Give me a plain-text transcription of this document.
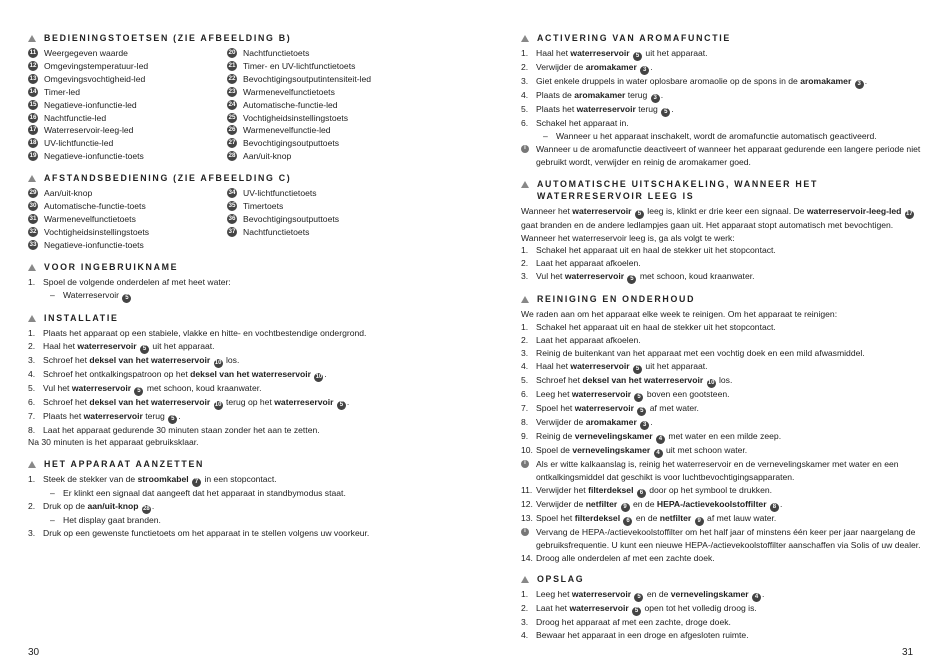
BEDIENINGSTOETSEN (ZIE AFBEELDING B)
11 Weergegeven waarde
12 Omgevingstemperatuur-led
13 Omgevingsvochtigheid-led
14 Timer-led
15 Negatieve-ionfunctie-led
16 Nachtfunctie-led
17 Waterreservoir-leeg-led
18 UV-lichtfunctie-led
19 Negatieve-ionfunctie-toets
20 Nachtfunctietoets
21 Timer- en UV-lichtfunctietoets
22 Bevochtigingsoutputintensiteit-led
23 Warmenevelfunctietoets
24 Automatische-functie-led
25 Vochtigheidsinstellingstoets
26 Warmenevelfunctie-led
27 Bevochtigingsoutputtoets
28 Aan/uit-knop
AFSTANDSBEDIENING (ZIE AFBEELDING C)
29 Aan/uit-knop
30 Automatische-functie-toets
31 Warmenevelfunctietoets
32 Vochtigheidsinstellingstoets
33 Negatieve-ionfunctie-toets
34 UV-lichtfunctietoets
35 Timertoets
36 Bevochtigingsoutputtoets
37 Nachtfunctietoets
VOOR INGEBRUIKNAME
1. Spoel de volgende onderdelen af met heet water:
– Waterreservoir 5
INSTALLATIE
1. Plaats het apparaat op een stabiele, vlakke en hitte- en vochtbestendige ondergrond.
2. Haal het waterreservoir 5 uit het apparaat.
3. Schroef het deksel van het waterreservoir 10 los.
4. Schroef het ontkalkingspatroon op het deksel van het waterreservoir 10 .
5. Vul het waterreservoir 5 met schoon, koud kraanwater.
6. Schroef het deksel van het waterreservoir 10 terug op het waterreservoir 5 .
7. Plaats het waterreservoir terug 5 .
8. Laat het apparaat gedurende 30 minuten staan zonder het aan te zetten.
Na 30 minuten is het apparaat gebruiksklaar.
HET APPARAAT AANZETTEN
1. Steek de stekker van de stroomkabel 7 in een stopcontact.
– Er klinkt een signaal dat aangeeft dat het apparaat in standbymodus staat.
2. Druk op de aan/uit-knop 28 .
– Het display gaat branden.
3. Druk op een gewenste functietoets om het apparaat in te stellen volgens uw voorkeur.
ACTIVERING VAN AROMAFUNCTIE
1. Haal het waterreservoir 5 uit het apparaat.
2. Verwijder de aromakamer 3 .
3. Giet enkele druppels in water oplosbare aromaolie op de spons in de aromakamer 3 .
4. Plaats de aromakamer terug 3 .
5. Plaats het waterreservoir terug 5 .
6. Schakel het apparaat in.
– Wanneer u het apparaat inschakelt, wordt de aromafunctie automatisch geactiveerd.
i	Wanneer u de aromafunctie deactiveert of wanneer het apparaat gedurende een langere periode niet gebruikt wordt, verwijder en reinig de aromakamer goed.
AUTOMATISCHE UITSCHAKELING, WANNEER HET WATERRESERVOIR LEEG IS
Wanneer het waterreservoir 5 leeg is, klinkt er drie keer een signaal. De waterreservoir-leeg-led 17 gaat branden en de andere ledlampjes gaan uit. Het apparaat stopt automatisch met bevochtigen.
Wanneer het waterreservoir leeg is, ga als volgt te werk:
1. Schakel het apparaat uit en haal de stekker uit het stopcontact.
2. Laat het apparaat afkoelen.
3. Vul het waterreservoir 5 met schoon, koud kraanwater.
REINIGING EN ONDERHOUD
We raden aan om het apparaat elke week te reinigen. Om het apparaat te reinigen:
1. Schakel het apparaat uit en haal de stekker uit het stopcontact.
2. Laat het apparaat afkoelen.
3. Reinig de buitenkant van het apparaat met een vochtig doek en een mild afwasmiddel.
4. Haal het waterreservoir 5 uit het apparaat.
5. Schroef het deksel van het waterreservoir 10 los.
6. Leeg het waterreservoir 5 boven een gootsteen.
7. Spoel het waterreservoir 5 af met water.
8. Verwijder de aromakamer 3 .
9. Reinig de vernevelingskamer 4 met water en een milde zeep.
10. Spoel de vernevelingskamer 4 uit met schoon water.
i	Als er witte kalkaanslag is, reinig het waterreservoir en de vernevelingskamer met water en een ontkalkingsmiddel dat geschikt is voor luchtbevochtigingsapparaten.
11. Verwijder het filterdeksel 6 door op het symbool te drukken.
12. Verwijder de netfilter 9 en de HEPA-/actievekoolstoffilter 8 .
13. Spoel het filterdeksel 6 en de netfilter 9 af met lauw water.
i	Vervang de HEPA-/actievekoolstoffilter om het half jaar of minstens één keer per jaar naargelang de gebruiksfrequentie. U kunt een nieuwe HEPA-/actievekoolstoffilter aanschaffen via Solis of uw dealer.
14. Droog alle onderdelen af met een zachte doek.
OPSLAG
1. Leeg het waterreservoir 5 en de vernevelingskamer 4 .
2. Laat het waterreservoir 5 open tot het volledig droog is.
3. Droog het apparaat af met een zachte, droge doek.
4. Bewaar het apparaat in een droge en afgesloten ruimte.
30	31
